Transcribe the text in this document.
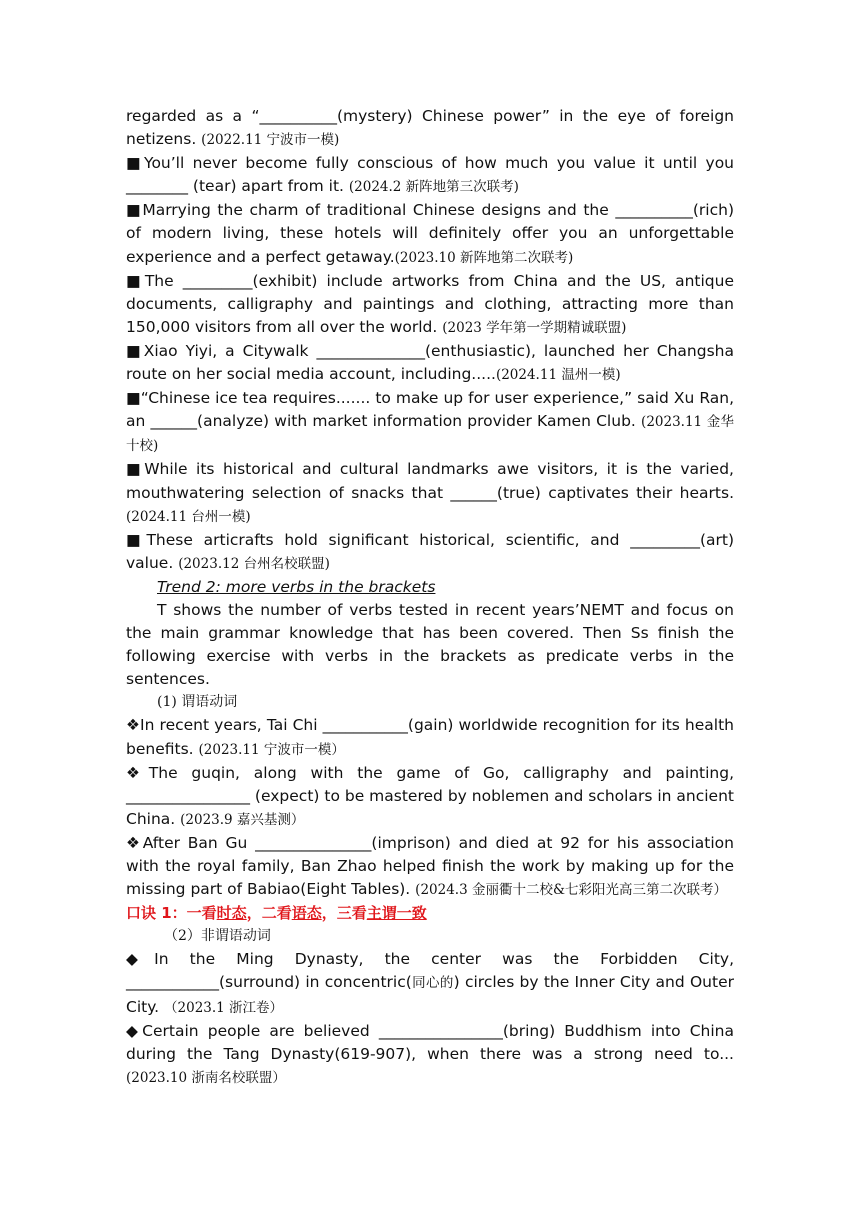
regarded as a “__________(mystery) Chinese power” in the eye of foreign netizens. (2022.11 宁波市一模)

■You’ll never become fully conscious of how much you value it until you ________ (tear) apart from it. (2024.2 新阵地第三次联考)

■Marrying the charm of traditional Chinese designs and the __________(rich) of modern living, these hotels will definitely offer you an unforgettable experience and a perfect getaway.(2023.10 新阵地第二次联考)

■The _________(exhibit) include artworks from China and the US, antique documents, calligraphy and paintings and clothing, attracting more than 150,000 visitors from all over the world. (2023 学年第一学期精诚联盟)

■Xiao Yiyi, a Citywalk ______________(enthusiastic), launched her Changsha route on her social media account, including.....(2024.11 温州一模)

■“Chinese ice tea requires....... to make up for user experience,” said Xu Ran, an ______(analyze) with market information provider Kamen Club. (2023.11 金华十校)

■While its historical and cultural landmarks awe visitors, it is the varied, mouthwatering selection of snacks that ______(true) captivates their hearts. (2024.11 台州一模)

■These articrafts hold significant historical, scientific, and _________(art) value. (2023.12 台州名校联盟)

Trend 2: more verbs in the brackets

T shows the number of verbs tested in recent years’NEMT and focus on the main grammar knowledge that has been covered. Then Ss finish the following exercise with verbs in the brackets as predicate verbs in the sentences.

(1) 谓语动词

❖In recent years, Tai Chi ___________(gain) worldwide recognition for its health benefits. (2023.11 宁波市一模）

❖The guqin, along with the game of Go, calligraphy and painting, ________________ (expect) to be mastered by noblemen and scholars in ancient China. (2023.9 嘉兴基测）

❖After Ban Gu _______________(imprison) and died at 92 for his association with the royal family, Ban Zhao helped finish the work by making up for the missing part of Babiao(Eight Tables). (2024.3 金丽衢十二校&七彩阳光高三第二次联考）

口诀 1：一看时态，二看语态，三看主谓一致

（2）非谓语动词

◆In the Ming Dynasty, the center was the Forbidden City, ____________(surround) in concentric(同心的) circles by the Inner City and Outer City. （2023.1 浙江卷）

◆Certain people are believed ________________(bring) Buddhism into China during the Tang Dynasty(619-907), when there was a strong need to...(2023.10 浙南名校联盟）
